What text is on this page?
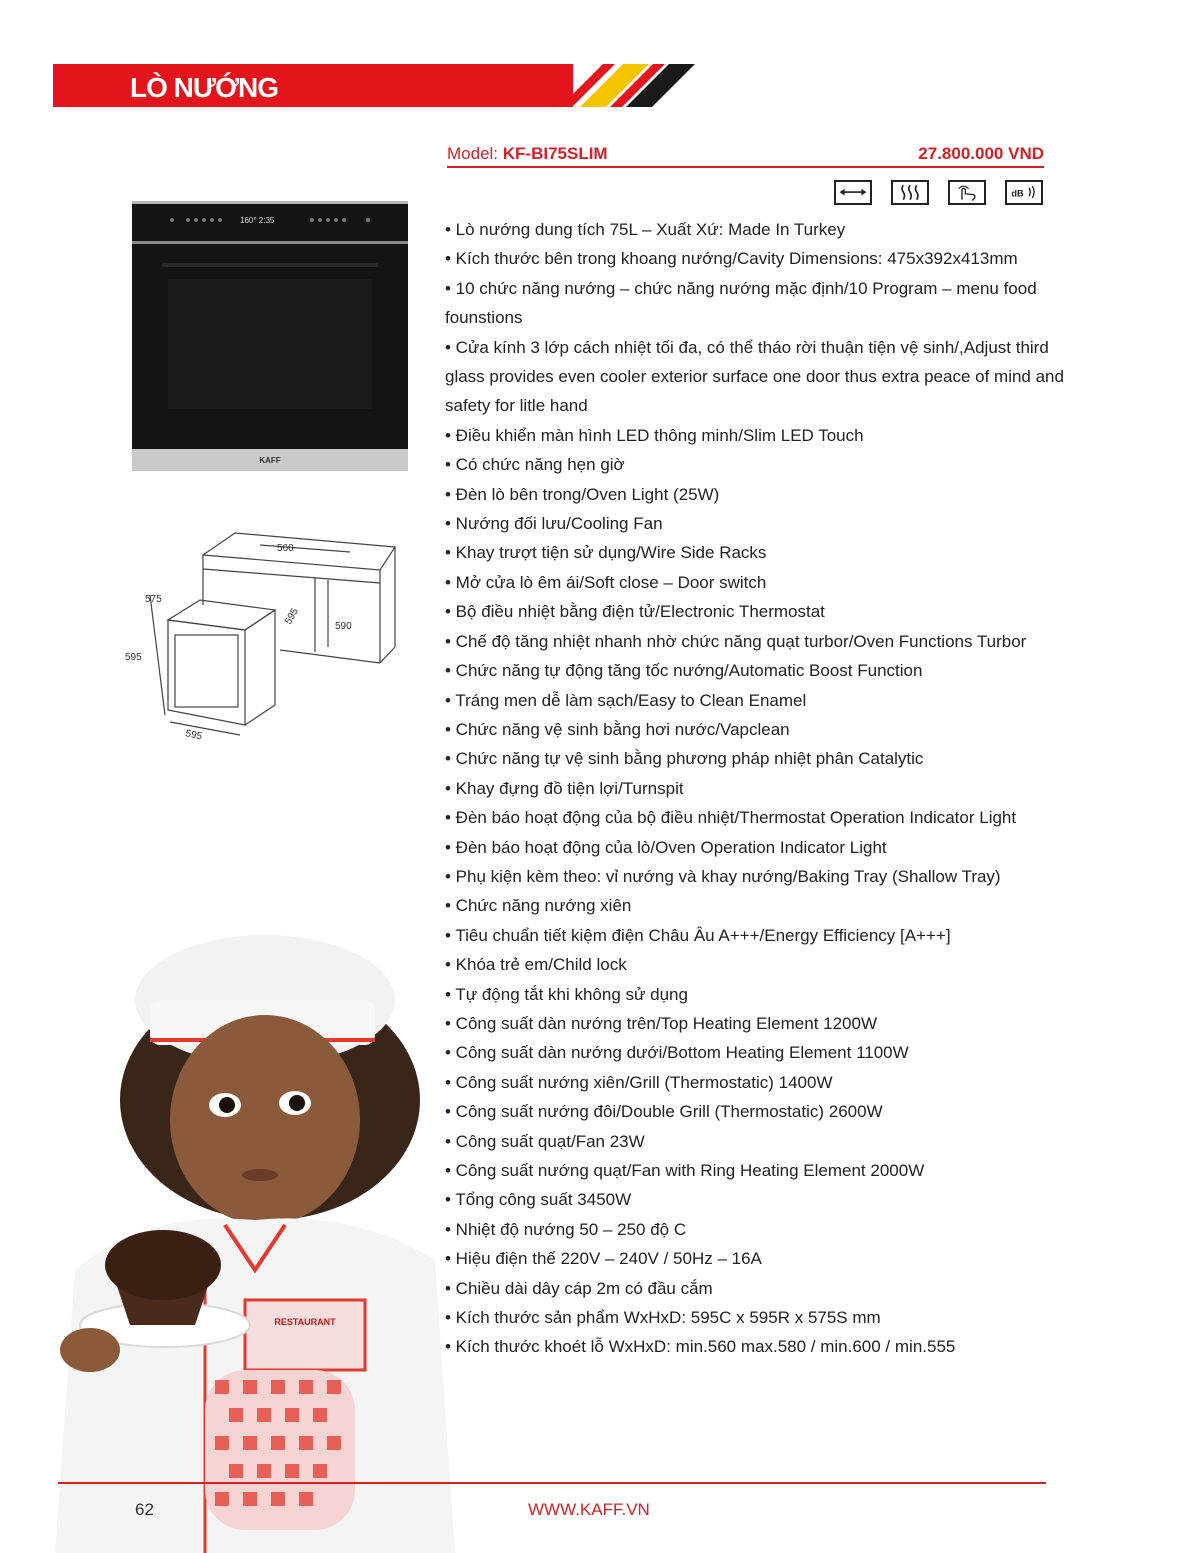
LÒ NƯỚNG
Model: KF-BI75SLIM	27.800.000 VND
dB
160° 2:35
KAFF
560
575
595	590
595
595
• Lò nướng dung tích 75L – Xuất Xứ: Made In Turkey
• Kích thước bên trong khoang nướng/Cavity Dimensions: 475x392x413mm
• 10 chức năng nướng – chức năng nướng mặc định/10 Program – menu food founstions
• Cửa kính 3 lớp cách nhiệt tối đa, có thể tháo rời thuận tiện vệ sinh/,Adjust third glass provides even cooler exterior surface one door thus extra peace of mind and safety for litle hand
• Điều khiển màn hình LED thông minh/Slim LED Touch
• Có chức năng hẹn giờ
• Đèn lò bên trong/Oven Light (25W)
• Nướng đối lưu/Cooling Fan
• Khay trượt tiện sử dụng/Wire Side Racks
• Mở cửa lò êm ái/Soft close – Door switch
• Bộ điều nhiệt bằng điện tử/Electronic Thermostat
• Chế độ tăng nhiệt nhanh nhờ chức năng quạt turbor/Oven Functions Turbor
• Chức năng tự động tăng tốc nướng/Automatic Boost Function
• Tráng men dễ làm sạch/Easy to Clean Enamel
• Chức năng vệ sinh bằng hơi nước/Vapclean
• Chức năng tự vệ sinh bằng phương pháp nhiệt phân Catalytic
• Khay đựng đồ tiện lợi/Turnspit
• Đèn báo hoạt động của bộ điều nhiệt/Thermostat Operation Indicator Light
• Đèn báo hoạt động của lò/Oven Operation Indicator Light
• Phụ kiện kèm theo: vỉ nướng và khay nướng/Baking Tray (Shallow Tray)
• Chức năng nướng xiên
• Tiêu chuẩn tiết kiệm điện Châu Âu A+++/Energy Efficiency [A+++]
• Khóa trẻ em/Child lock
• Tự động tắt khi không sử dụng
• Công suất dàn nướng trên/Top Heating Element 1200W
• Công suất dàn nướng dưới/Bottom Heating Element 1100W
• Công suất nướng xiên/Grill (Thermostatic) 1400W
• Công suất nướng đôi/Double Grill (Thermostatic) 2600W
• Công suất quạt/Fan 23W
• Công suất nướng quạt/Fan with Ring Heating Element 2000W
• Tổng công suất 3450W
• Nhiệt độ nướng 50 – 250 độ C
• Hiệu điện thế 220V – 240V / 50Hz – 16A
• Chiều dài dây cáp 2m có đầu cắm
• Kích thước sản phẩm WxHxD: 595C x 595R x 575S mm
• Kích thước khoét lỗ WxHxD: min.560 max.580 / min.600 / min.555
RESTAURANT
62	WWW.KAFF.VN
